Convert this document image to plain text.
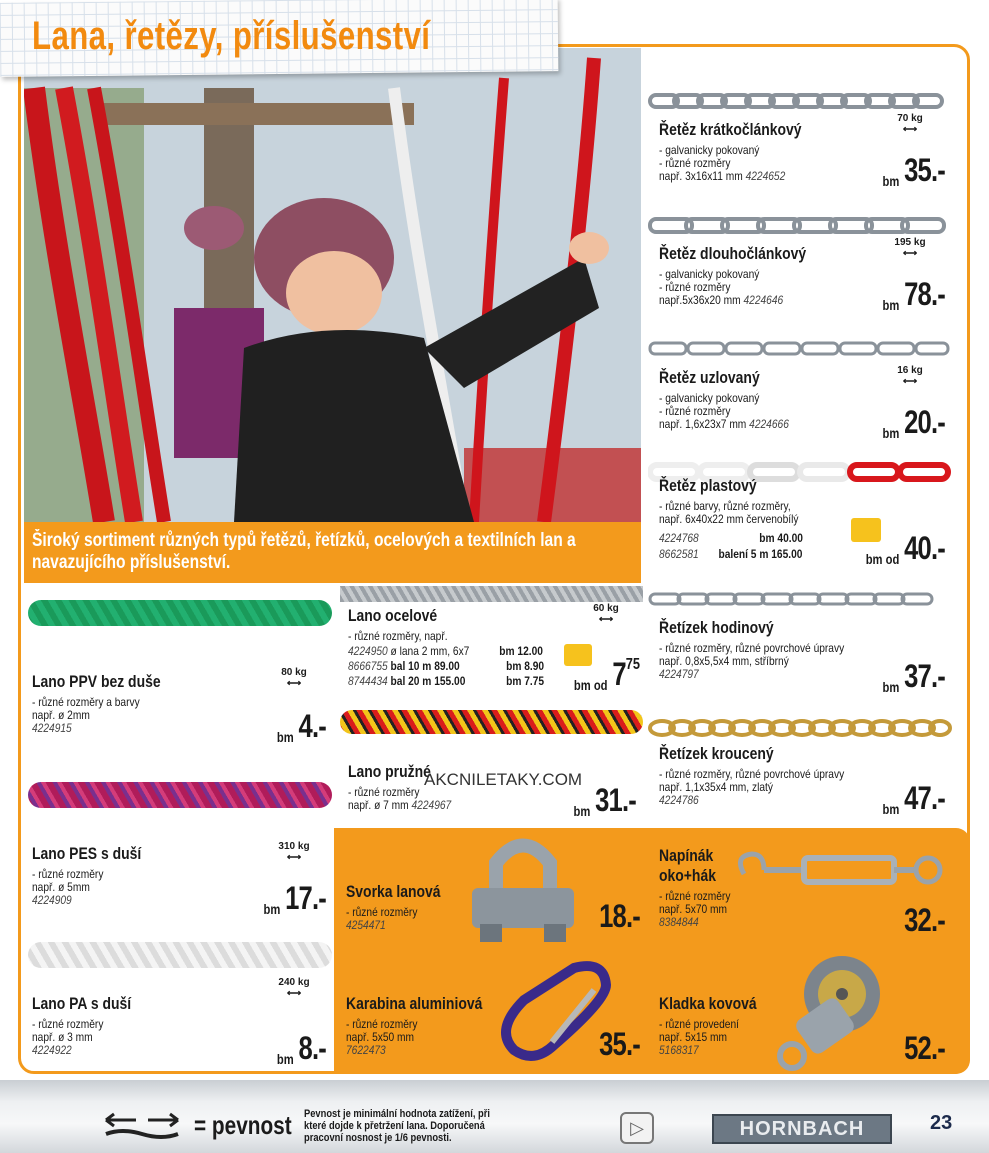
Lana, řetězy, příslušenství
Široký sortiment různých typů řetězů, řetízků, ocelových a textilních lan a navazujícího příslušenství.
Řetěz krátkočlánkový
- galvanicky pokovaný
- různé rozměry
např. 3x16x11 mm 4224652
70 kg
⟷
bm 35.-
Řetěz dlouhočlánkový
- galvanicky pokovaný
- různé rozměry
např.5x36x20 mm 4224646
195 kg
⟷
bm 78.-
Řetěz uzlovaný
- galvanicky pokovaný
- různé rozměry
např. 1,6x23x7 mm 4224666
16 kg
⟷
bm 20.-
Řetěz plastový
- různé barvy, různé rozměry,
např. 6x40x22 mm červenobílý
4224768	bm 40.00
8662581 balení 5 m 165.00	bm od 40.-
Řetízek hodinový
- různé rozměry, různé povrchové úpravy
např. 0,8x5,5x4 mm, stříbrný
4224797
bm 37.-
Řetízek kroucený
- různé rozměry, různé povrchové úpravy
např. 1,1x35x4 mm, zlatý
4224786
bm 47.-
Lano PPV bez duše
- různé rozměry a barvy
např. ø 2mm
4224915
80 kg
⟷
bm 4.-
Lano PES s duší
- různé rozměry
např. ø 5mm
4224909
310 kg
⟷
bm 17.-
Lano PA s duší
- různé rozměry
např. ø 3 mm
4224922
240 kg
⟷
bm 8.-
Lano ocelové
- různé rozměry, např.
4224950 ø lana 2 mm, 6x7 bm 12.00
8666755 bal 10 m 89.00	bm 8.90
8744434 bal 20 m 155.00	bm 7.75
60 kg
⟷
bm od 775
Lano pružné
- různé rozměry
např. ø 7 mm 4224967	bm 31.-
AKCNILETAKY.COM
Svorka lanová
- různé rozměry
4254471	18.-
Karabina aluminiová
- různé rozměry
např. 5x50 mm
7622473	35.-
Napínák
oko+hák
- různé rozměry
např. 5x70 mm
8384844	32.-
Kladka kovová
- různé provedení
např. 5x15 mm
5168317	52.-
= pevnost Pevnost je minimální hodnota zatížení, při které dojde k přetržení lana. Doporučená pracovní nosnost je 1/6 pevnosti.	▷	HORNBACH	23
